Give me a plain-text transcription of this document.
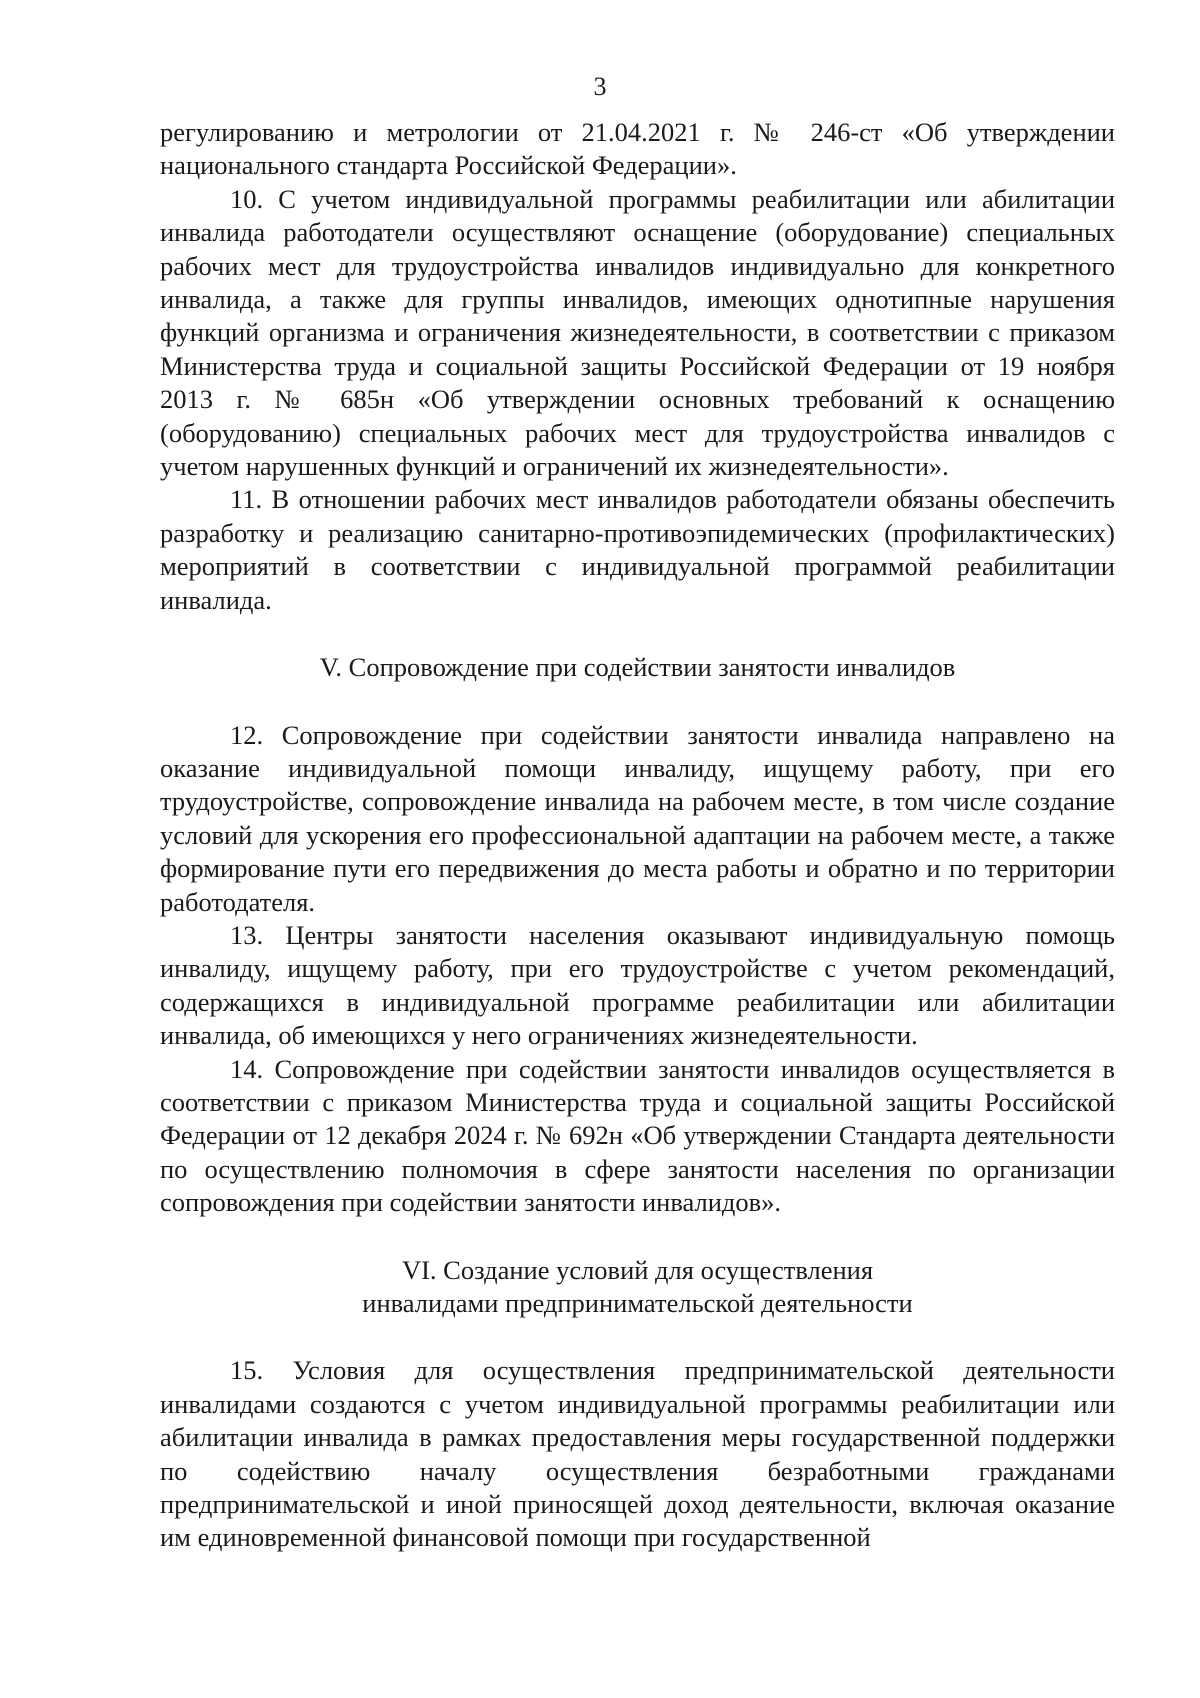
3

регулированию и метрологии от 21.04.2021 г. № 246-ст «Об утверждении национального стандарта Российской Федерации».

10. С учетом индивидуальной программы реабилитации или абилитации инвалида работодатели осуществляют оснащение (оборудование) специальных рабочих мест для трудоустройства инвалидов индивидуально для конкретного инвалида, а также для группы инвалидов, имеющих однотипные нарушения функций организма и ограничения жизнедеятельности, в соответствии с приказом Министерства труда и социальной защиты Российской Федерации от 19 ноября 2013 г. № 685н «Об утверждении основных требований к оснащению (оборудованию) специальных рабочих мест для трудоустройства инвалидов с учетом нарушенных функций и ограничений их жизнедеятельности».

11. В отношении рабочих мест инвалидов работодатели обязаны обеспечить разработку и реализацию санитарно-противоэпидемических (профилактических) мероприятий в соответствии с индивидуальной программой реабилитации инвалида.

V. Сопровождение при содействии занятости инвалидов

12. Сопровождение при содействии занятости инвалида направлено на оказание индивидуальной помощи инвалиду, ищущему работу, при его трудоустройстве, сопровождение инвалида на рабочем месте, в том числе создание условий для ускорения его профессиональной адаптации на рабочем месте, а также формирование пути его передвижения до места работы и обратно и по территории работодателя.

13. Центры занятости населения оказывают индивидуальную помощь инвалиду, ищущему работу, при его трудоустройстве с учетом рекомендаций, содержащихся в индивидуальной программе реабилитации или абилитации инвалида, об имеющихся у него ограничениях жизнедеятельности.

14. Сопровождение при содействии занятости инвалидов осуществляется в соответствии с приказом Министерства труда и социальной защиты Российской Федерации от 12 декабря 2024 г. № 692н «Об утверждении Стандарта деятельности по осуществлению полномочия в сфере занятости населения по организации сопровождения при содействии занятости инвалидов».

VI. Создание условий для осуществления

инвалидами предпринимательской деятельности

15. Условия для осуществления предпринимательской деятельности инвалидами создаются с учетом индивидуальной программы реабилитации или абилитации инвалида в рамках предоставления меры государственной поддержки по содействию началу осуществления безработными гражданами предпринимательской и иной приносящей доход деятельности, включая оказание им единовременной финансовой помощи при государственной
